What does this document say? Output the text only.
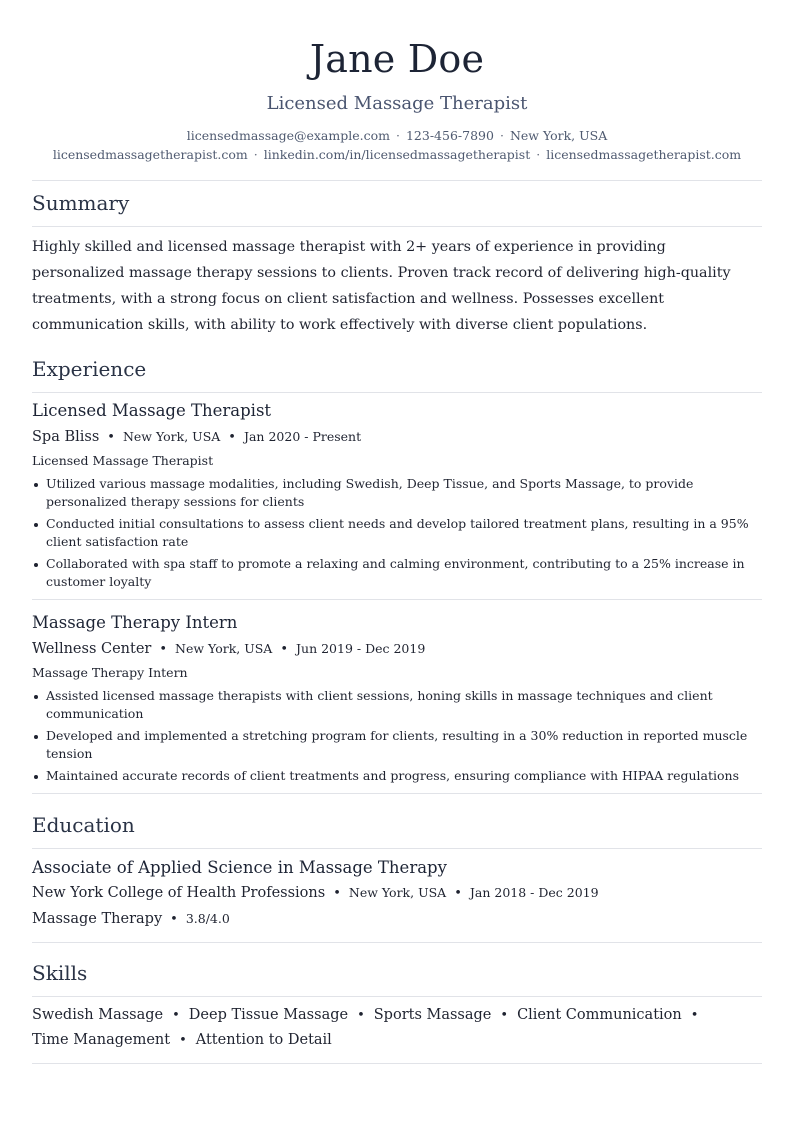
Jane Doe
Licensed Massage Therapist
licensedmassage@example.com · 123-456-7890 · New York, USA
licensedmassagetherapist.com · linkedin.com/in/licensedmassagetherapist · licensedmassagetherapist.com
Summary
Highly skilled and licensed massage therapist with 2+ years of experience in providing personalized massage therapy sessions to clients. Proven track record of delivering high-quality treatments, with a strong focus on client satisfaction and wellness. Possesses excellent communication skills, with ability to work effectively with diverse client populations.
Experience
Licensed Massage Therapist
Spa Bliss • New York, USA • Jan 2020 - Present
Licensed Massage Therapist
Utilized various massage modalities, including Swedish, Deep Tissue, and Sports Massage, to provide personalized therapy sessions for clients
Conducted initial consultations to assess client needs and develop tailored treatment plans, resulting in a 95% client satisfaction rate
Collaborated with spa staff to promote a relaxing and calming environment, contributing to a 25% increase in customer loyalty
Massage Therapy Intern
Wellness Center • New York, USA • Jun 2019 - Dec 2019
Massage Therapy Intern
Assisted licensed massage therapists with client sessions, honing skills in massage techniques and client communication
Developed and implemented a stretching program for clients, resulting in a 30% reduction in reported muscle tension
Maintained accurate records of client treatments and progress, ensuring compliance with HIPAA regulations
Education
Associate of Applied Science in Massage Therapy
New York College of Health Professions • New York, USA • Jan 2018 - Dec 2019
Massage Therapy • 3.8/4.0
Skills
Swedish Massage • Deep Tissue Massage • Sports Massage • Client Communication •
Time Management • Attention to Detail
